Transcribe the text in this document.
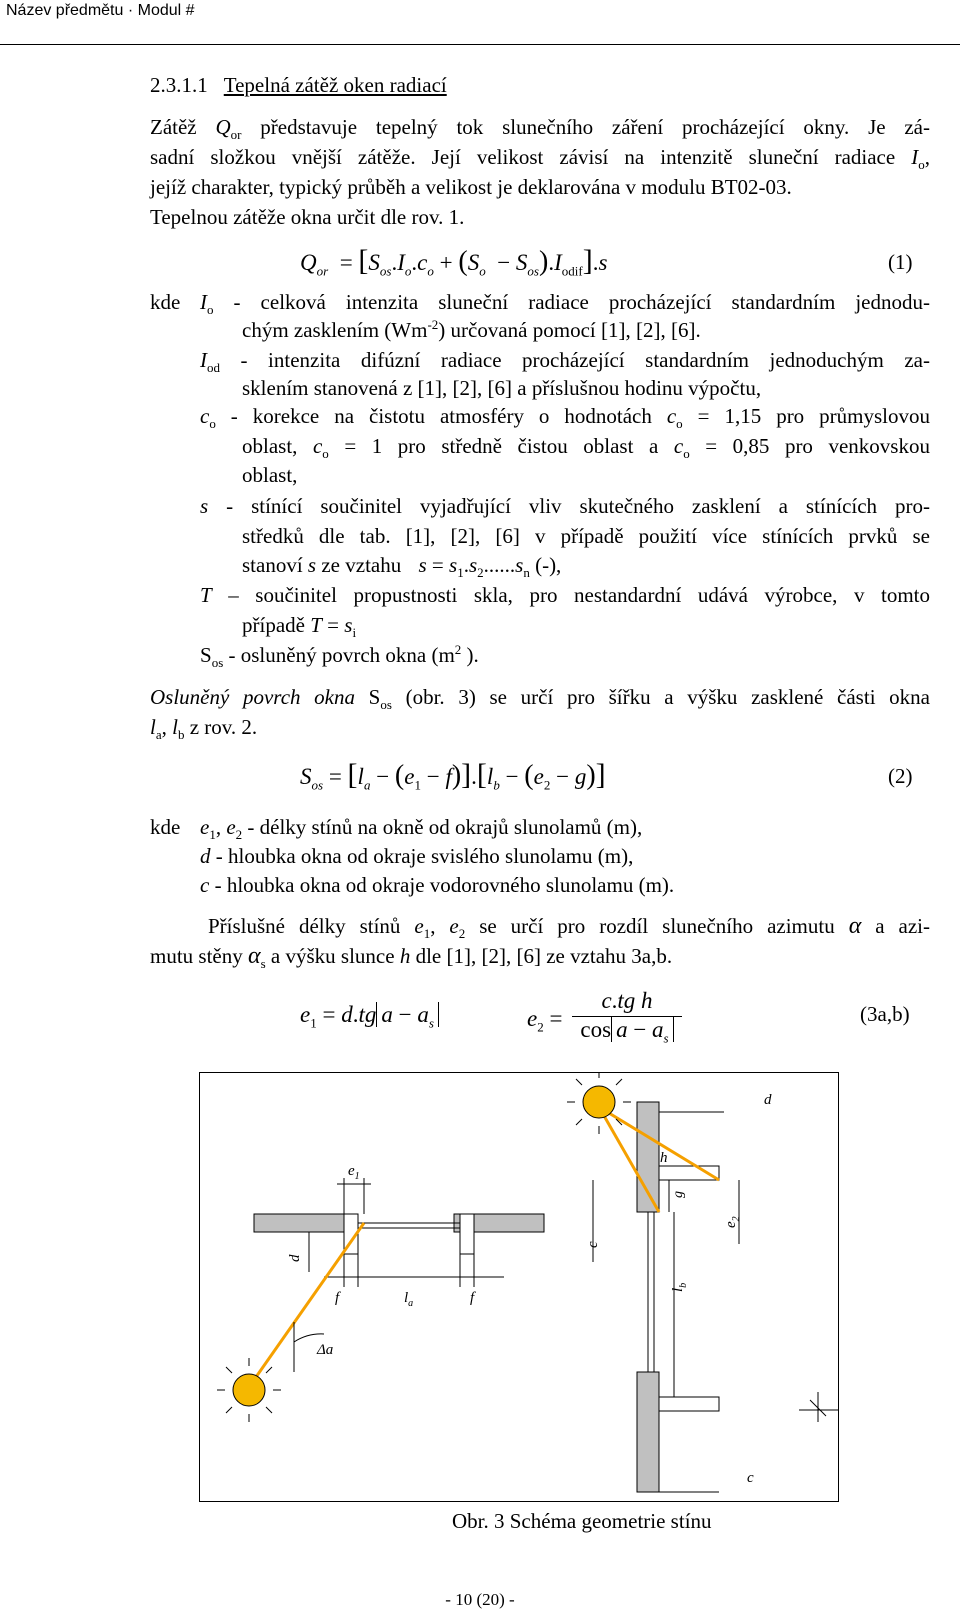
Název předmětu · Modul #
2.3.1.1 Tepelná zátěž oken radiací
Zátěž $Q_{or}$ představuje tepelný tok slunečního záření procházející okny. Je zá-
sadní složkou vnější zátěže. Její velikost závisí na intenzitě sluneční radiace $I_o$,
jejíž charakter, typický průběh a velikost je deklarována v modulu BT02-03.
Tepelnou zátěže okna určit dle rov. 1.
$Q_{or} = [S_{os}.I_o.c_o + (S_o - S_{os}).I_{odif}].s$	(1)
kde $I_o$ - celková intenzita sluneční radiace procházející standardním jednodu-
chým zasklením $(Wm^{-2})$ určovaná pomocí [1], [2], [6].
$I_{od}$ - intenzita difúzní radiace procházející standardním jednoduchým za-
sklením stanovená z [1], [2], [6] a příslušnou hodinu výpočtu,
$c_o$ - korekce na čistotu atmosféry o hodnotách $c_o = 1,15$ pro průmyslovou
oblast, $c_o = 1$ pro středně čistou oblast a $c_o = 0,85$ pro venkovskou
oblast,
s - stínící součinitel vyjadřující vliv skutečného zasklení a stínících pro-
středků dle tab. [1], [2], [6] v případě použití více stínících prvků se
stanoví s ze vztahu $s = s_1.s_2......s_n$ (-),
T – součinitel propustnosti skla, pro nestandardní udává výrobce, v tomto
případě $T = s_i$
$S_{os}$ - osluněný povrch okna ($m^2$ ).
Osluněný povrch okna $S_{os}$ (obr. 3) se určí pro šířku a výšku zasklené části okna
$l_a$, $l_b$ z rov. 2.
$S_{os} = [l_a - (e_1 - f)].[l_b - (e_2 - g)]$	(2)
kde $e_1$, $e_2$ - délky stínů na okně od okrajů slunolamů (m),
d - hloubka okna od okraje svislého slunolamu (m),
c - hloubka okna od okraje vodorovného slunolamu (m).
Příslušné délky stínů $e_1$, $e_2$ se určí pro rozdíl slunečního azimutu α a azi-
mutu stěny $\alpha_s$ a výšku slunce h dle [1], [2], [6] ze vztahu 3a,b.
$e_1 = d.tg$ $a - a_s$	$e_2 = \frac{\text{c.tg h}}{\cos a - a_s}$	(3a,b)
$e_1$
d
f	$l_a$	f
Δa
d
$e_2$
g
$l_b$
h
c
c
Obr. 3 Schéma geometrie stínu
- 10 (20) -
